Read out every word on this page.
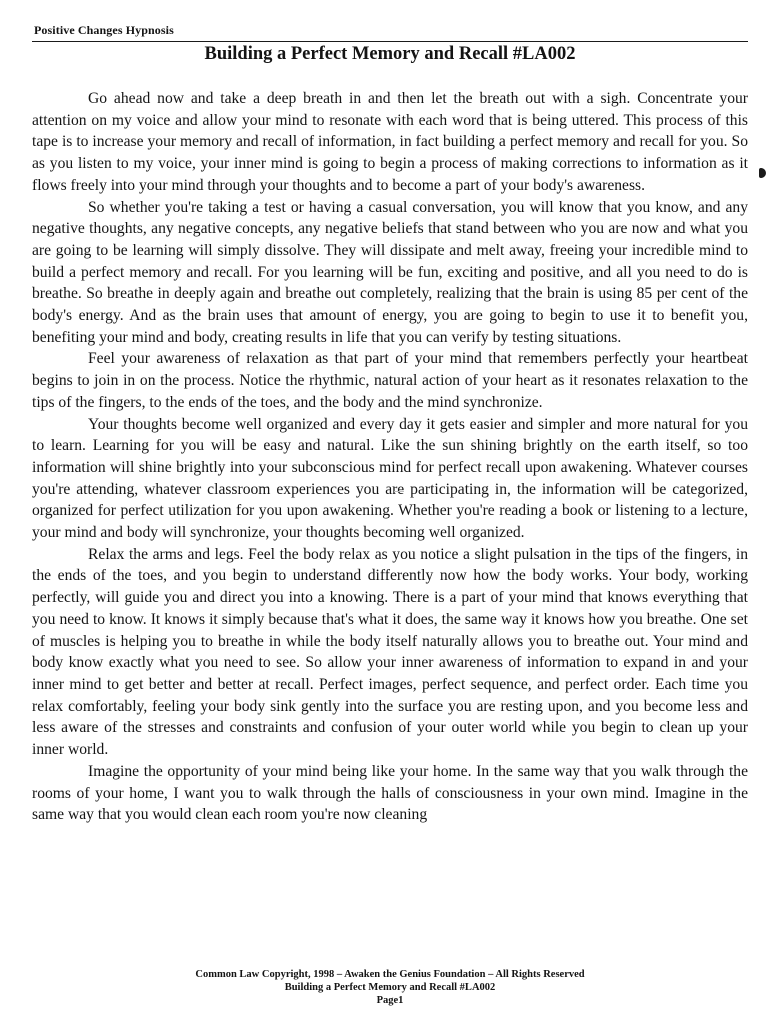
Positive Changes Hypnosis
Building a Perfect Memory and Recall #LA002

Go ahead now and take a deep breath in and then let the breath out with a sigh. Concentrate your attention on my voice and allow your mind to resonate with each word that is being uttered. This process of this tape is to increase your memory and recall of information, in fact building a perfect memory and recall for you. So as you listen to my voice, your inner mind is going to begin a process of making corrections to information as it flows freely into your mind through your thoughts and to become a part of your body's awareness.

So whether you're taking a test or having a casual conversation, you will know that you know, and any negative thoughts, any negative concepts, any negative beliefs that stand between who you are now and what you are going to be learning will simply dissolve. They will dissipate and melt away, freeing your incredible mind to build a perfect memory and recall. For you learning will be fun, exciting and positive, and all you need to do is breathe. So breathe in deeply again and breathe out completely, realizing that the brain is using 85 per cent of the body's energy. And as the brain uses that amount of energy, you are going to begin to use it to benefit you, benefiting your mind and body, creating results in life that you can verify by testing situations.

Feel your awareness of relaxation as that part of your mind that remembers perfectly your heartbeat begins to join in on the process. Notice the rhythmic, natural action of your heart as it resonates relaxation to the tips of the fingers, to the ends of the toes, and the body and the mind synchronize.

Your thoughts become well organized and every day it gets easier and simpler and more natural for you to learn. Learning for you will be easy and natural. Like the sun shining brightly on the earth itself, so too information will shine brightly into your subconscious mind for perfect recall upon awakening. Whatever courses you're attending, whatever classroom experiences you are participating in, the information will be categorized, organized for perfect utilization for you upon awakening. Whether you're reading a book or listening to a lecture, your mind and body will synchronize, your thoughts becoming well organized.

Relax the arms and legs. Feel the body relax as you notice a slight pulsation in the tips of the fingers, in the ends of the toes, and you begin to understand differently now how the body works. Your body, working perfectly, will guide you and direct you into a knowing. There is a part of your mind that knows everything that you need to know. It knows it simply because that's what it does, the same way it knows how you breathe. One set of muscles is helping you to breathe in while the body itself naturally allows you to breathe out. Your mind and body know exactly what you need to see. So allow your inner awareness of information to expand in and your inner mind to get better and better at recall. Perfect images, perfect sequence, and perfect order. Each time you relax comfortably, feeling your body sink gently into the surface you are resting upon, and you become less and less aware of the stresses and constraints and confusion of your outer world while you begin to clean up your inner world.

Imagine the opportunity of your mind being like your home. In the same way that you walk through the rooms of your home, I want you to walk through the halls of consciousness in your own mind. Imagine in the same way that you would clean each room you're now cleaning

Common Law Copyright, 1998 – Awaken the Genius Foundation – All Rights Reserved
Building a Perfect Memory and Recall #LA002
Page1
